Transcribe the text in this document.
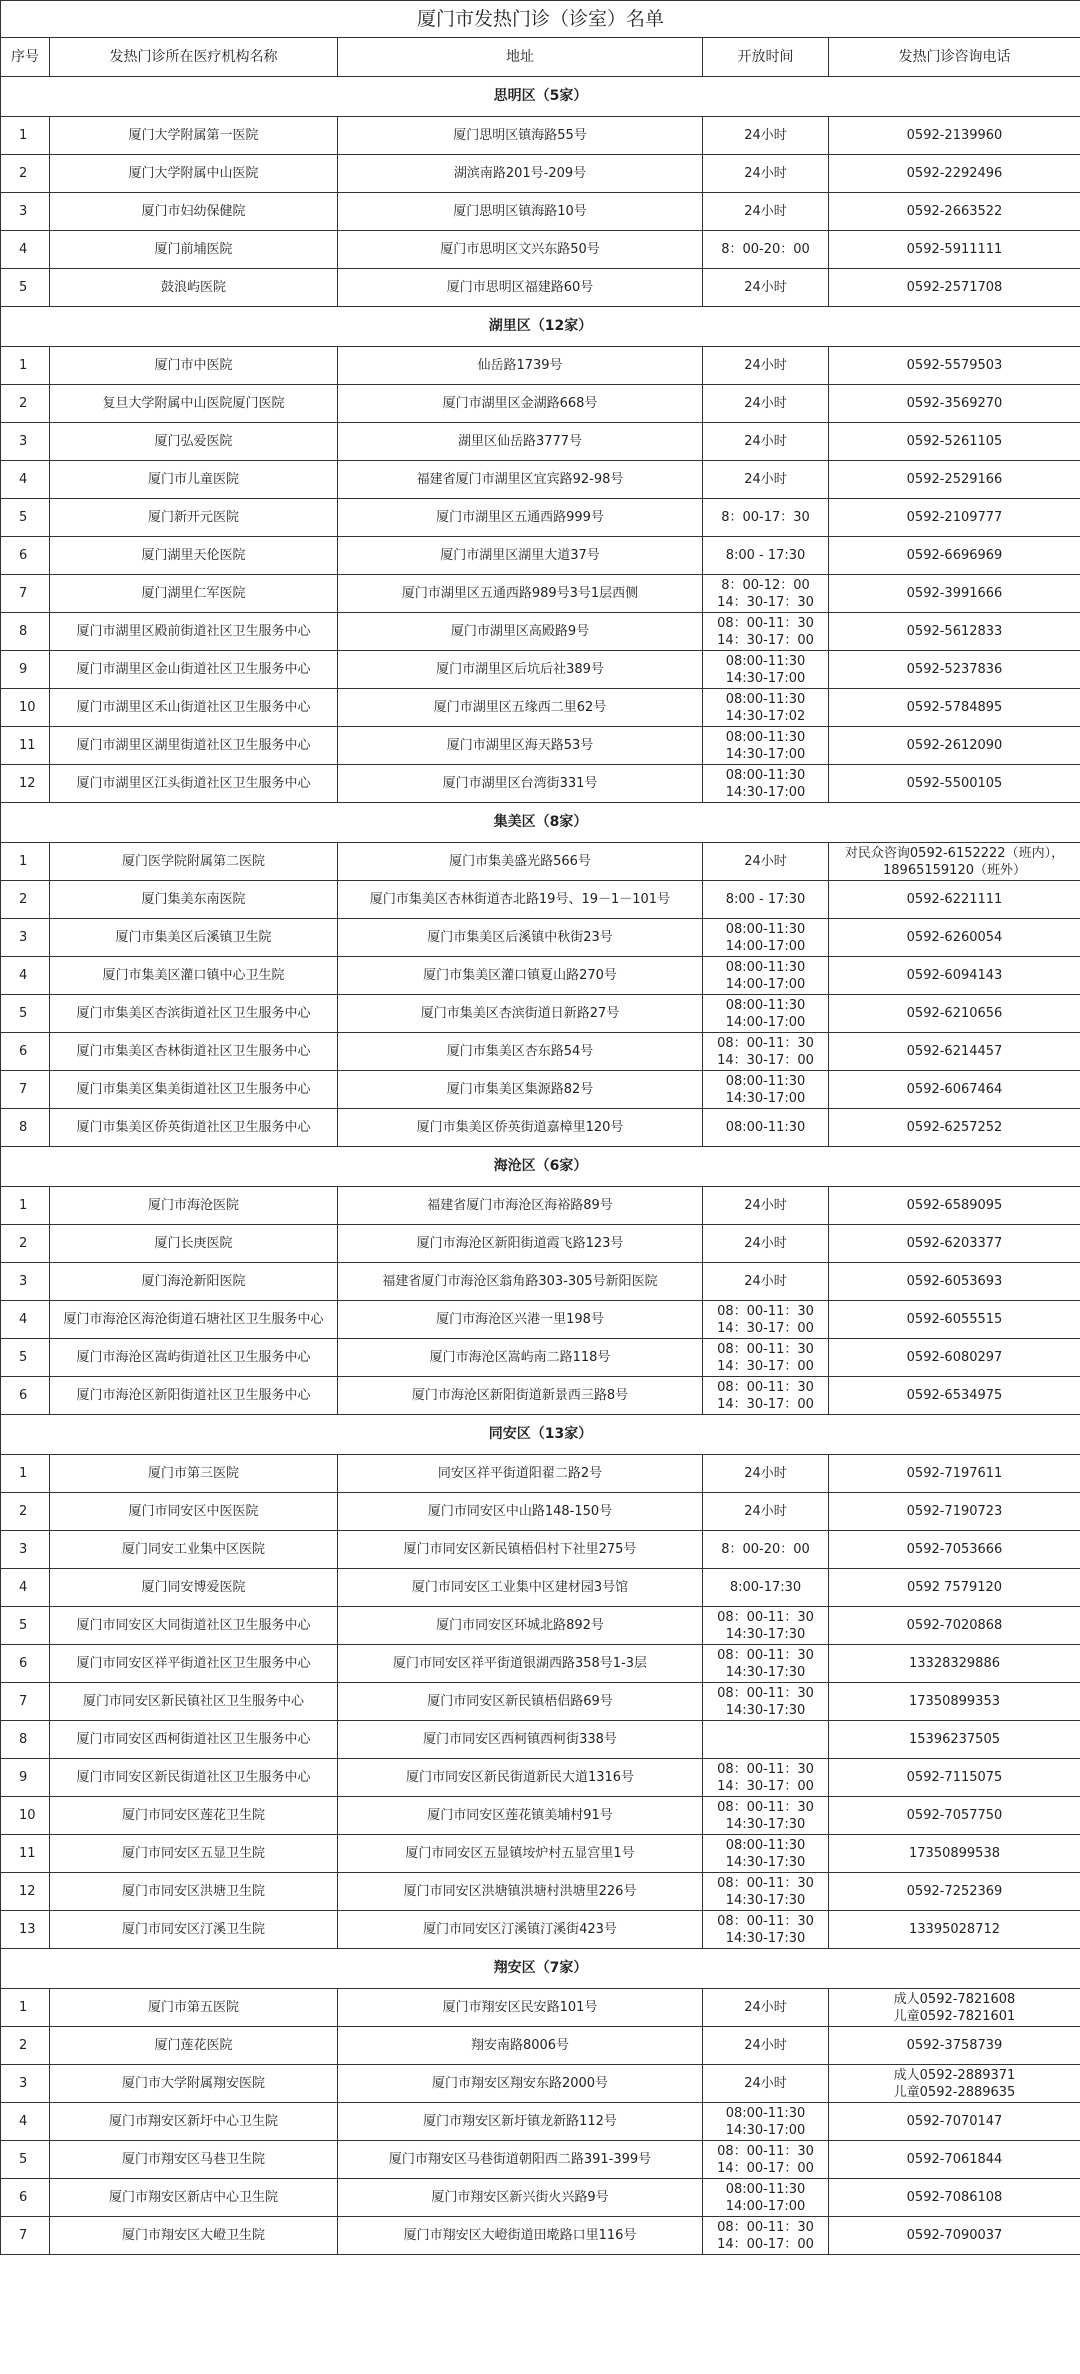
厦门市发热门诊（诊室）名单				
序号	发热门诊所在医疗机构名称	地址	开放时间	发热门诊咨询电话
思明区（5家）				
1	厦门大学附属第一医院	厦门思明区镇海路55号	24小时	0592-2139960
2	厦门大学附属中山医院	湖滨南路201号-209号	24小时	0592-2292496
3	厦门市妇幼保健院	厦门思明区镇海路10号	24小时	0592-2663522
4	厦门前埔医院	厦门市思明区文兴东路50号	8：00-20：00	0592-5911111
5	鼓浪屿医院	厦门市思明区福建路60号	24小时	0592-2571708
湖里区（12家）				
1	厦门市中医院	仙岳路1739号	24小时	0592-5579503
2	复旦大学附属中山医院厦门医院	厦门市湖里区金湖路668号	24小时	0592-3569270
3	厦门弘爱医院	湖里区仙岳路3777号	24小时	0592-5261105
4	厦门市儿童医院	福建省厦门市湖里区宜宾路92-98号	24小时	0592-2529166
5	厦门新开元医院	厦门市湖里区五通西路999号	8：00-17：30	0592-2109777
6	厦门湖里天伦医院	厦门市湖里区湖里大道37号	8:00 - 17:30	0592-6696969
7	厦门湖里仁军医院	厦门市湖里区五通西路989号3号1层西侧	8：00-12：00
14：30-17：30	0592-3991666
8	厦门市湖里区殿前街道社区卫生服务中心	厦门市湖里区高殿路9号	08：00-11：30
14：30-17：00	0592-5612833
9	厦门市湖里区金山街道社区卫生服务中心	厦门市湖里区后坑后社389号	08:00-11:30
14:30-17:00	0592-5237836
10	厦门市湖里区禾山街道社区卫生服务中心	厦门市湖里区五缘西二里62号	08:00-11:30
14:30-17:02	0592-5784895
11	厦门市湖里区湖里街道社区卫生服务中心	厦门市湖里区海天路53号	08:00-11:30
14:30-17:00	0592-2612090
12	厦门市湖里区江头街道社区卫生服务中心	厦门市湖里区台湾街331号	08:00-11:30
14:30-17:00	0592-5500105
集美区（8家）				
1	厦门医学院附属第二医院	厦门市集美盛光路566号	24小时	对民众咨询0592-6152222（班内），
18965159120（班外）
2	厦门集美东南医院	厦门市集美区杏林街道杏北路19号、19－1－101号	8:00 - 17:30	0592-6221111
3	厦门市集美区后溪镇卫生院	厦门市集美区后溪镇中秋街23号	08:00-11:30
14:00-17:00	0592-6260054
4	厦门市集美区灌口镇中心卫生院	厦门市集美区灌口镇夏山路270号	08:00-11:30
14:00-17:00	0592-6094143
5	厦门市集美区杏滨街道社区卫生服务中心	厦门市集美区杏滨街道日新路27号	08:00-11:30
14:00-17:00	0592-6210656
6	厦门市集美区杏林街道社区卫生服务中心	厦门市集美区杏东路54号	08：00-11：30
14：30-17：00	0592-6214457
7	厦门市集美区集美街道社区卫生服务中心	厦门市集美区集源路82号	08:00-11:30
14:30-17:00	0592-6067464
8	厦门市集美区侨英街道社区卫生服务中心	厦门市集美区侨英街道嘉樟里120号	08:00-11:30	0592-6257252
海沧区（6家）				
1	厦门市海沧医院	福建省厦门市海沧区海裕路89号	24小时	0592-6589095
2	厦门长庚医院	厦门市海沧区新阳街道霞飞路123号	24小时	0592-6203377
3	厦门海沧新阳医院	福建省厦门市海沧区翁角路303-305号新阳医院	24小时	0592-6053693
4	厦门市海沧区海沧街道石塘社区卫生服务中心	厦门市海沧区兴港一里198号	08：00-11：30
14：30-17：00	0592-6055515
5	厦门市海沧区嵩屿街道社区卫生服务中心	厦门市海沧区嵩屿南二路118号	08：00-11：30
14：30-17：00	0592-6080297
6	厦门市海沧区新阳街道社区卫生服务中心	厦门市海沧区新阳街道新景西三路8号	08：00-11：30
14：30-17：00	0592-6534975
同安区（13家）				
1	厦门市第三医院	同安区祥平街道阳翟二路2号	24小时	0592-7197611
2	厦门市同安区中医医院	厦门市同安区中山路148-150号	24小时	0592-7190723
3	厦门同安工业集中区医院	厦门市同安区新民镇梧侣村下社里275号	8：00-20：00	0592-7053666
4	厦门同安博爱医院	厦门市同安区工业集中区建材园3号馆	8:00-17:30	0592 7579120
5	厦门市同安区大同街道社区卫生服务中心	厦门市同安区环城北路892号	08：00-11：30
14:30-17:30	0592-7020868
6	厦门市同安区祥平街道社区卫生服务中心	厦门市同安区祥平街道银湖西路358号1-3层	08：00-11：30
14:30-17:30	13328329886
7	厦门市同安区新民镇社区卫生服务中心	厦门市同安区新民镇梧侣路69号	08：00-11：30
14:30-17:30	17350899353
8	厦门市同安区西柯街道社区卫生服务中心	厦门市同安区西柯镇西柯街338号		15396237505
9	厦门市同安区新民街道社区卫生服务中心	厦门市同安区新民街道新民大道1316号	08：00-11：30
14：30-17：00	0592-7115075
10	厦门市同安区莲花卫生院	厦门市同安区莲花镇美埔村91号	08：00-11：30
14:30-17:30	0592-7057750
11	厦门市同安区五显卫生院	厦门市同安区五显镇垵炉村五显宫里1号	08:00-11:30
14:30-17:30	17350899538
12	厦门市同安区洪塘卫生院	厦门市同安区洪塘镇洪塘村洪塘里226号	08：00-11：30
14:30-17:30	0592-7252369
13	厦门市同安区汀溪卫生院	厦门市同安区汀溪镇汀溪街423号	08：00-11：30
14:30-17:30	13395028712
翔安区（7家）				
1	厦门市第五医院	厦门市翔安区民安路101号	24小时	成人0592-7821608
儿童0592-7821601
2	厦门莲花医院	翔安南路8006号	24小时	0592-3758739
3	厦门市大学附属翔安医院	厦门市翔安区翔安东路2000号	24小时	成人0592-2889371
儿童0592-2889635
4	厦门市翔安区新圩中心卫生院	厦门市翔安区新圩镇龙新路112号	08:00-11:30
14:30-17:00	0592-7070147
5	厦门市翔安区马巷卫生院	厦门市翔安区马巷街道朝阳西二路391-399号	08：00-11：30
14：00-17：00	0592-7061844
6	厦门市翔安区新店中心卫生院	厦门市翔安区新兴街火兴路9号	08:00-11:30
14:00-17:00	0592-7086108
7	厦门市翔安区大嶝卫生院	厦门市翔安区大嶝街道田墘路口里116号	08：00-11：30
14：00-17：00	0592-7090037
